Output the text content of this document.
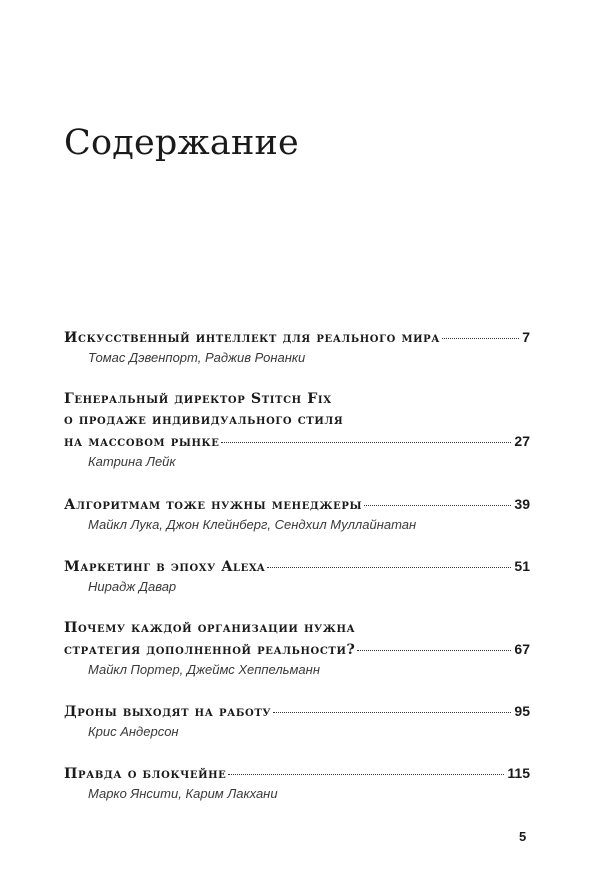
Содержание
Искусственный интеллект для реального мира	7
Томас Дэвенпорт, Раджив Ронанки
Генеральный директор Stitch Fix
о продаже индивидуального стиля
на массовом рынке	27
Катрина Лейк
Алгоритмам тоже нужны менеджеры	39
Майкл Лука, Джон Клейнберг, Сендхил Муллайнатан
Маркетинг в эпоху Alexa	51
Нирадж Давар
Почему каждой организации нужна
стратегия дополненной реальности?	67
Майкл Портер, Джеймс Хеппельманн
Дроны выходят на работу	95
Крис Андерсон
Правда о блокчейне	115
Марко Янсити, Карим Лакхани
5
